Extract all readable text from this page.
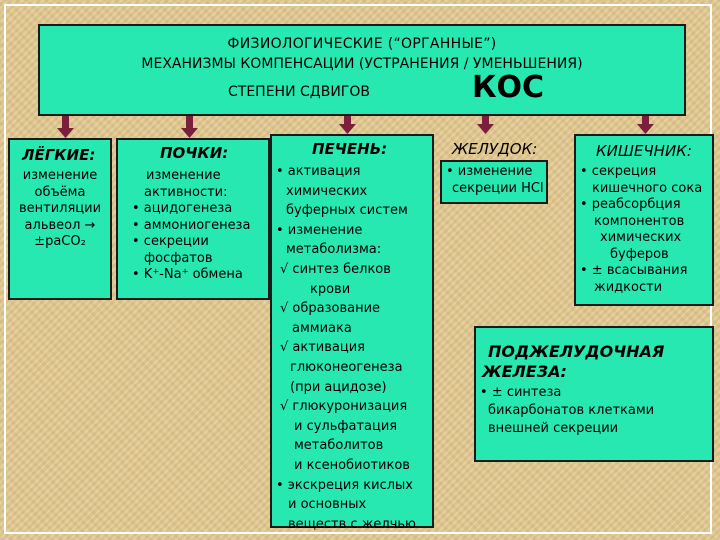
ФИЗИОЛОГИЧЕСКИЕ (“ОРГАННЫЕ”)
МЕХАНИЗМЫ КОМПЕНСАЦИИ (УСТРАНЕНИЯ / УМЕНЬШЕНИЯ)
СТЕПЕНИ СДВИГОВ	КОС
ЛЁГКИЕ:
изменение
объёма
вентиляции
альвеол →
±pаCO₂
ПОЧКИ:
изменение
активности:
• ацидогенеза
• аммониогенеза
• секреции
фосфатов
• K⁺-Na⁺ обмена
ПЕЧЕНЬ:
• активация
химических
буферных систем
• изменение
метаболизма:
√ синтез белков
крови
√ образование
аммиака
√ активация
глюконеогенеза
(при ацидозе)
√ глюкуронизация
и сульфатация
метаболитов
и ксенобиотиков
• экскреция кислых
и основных
веществ с желчью
ЖЕЛУДОК:
• изменение
секреции HCl
КИШЕЧНИК:
• секреция
кишечного сока
• реабсорбция
компонентов
химических
буферов
• ± всасывания
жидкости
ПОДЖЕЛУДОЧНАЯ
ЖЕЛЕЗА:
• ± синтеза
бикарбонатов клетками
внешней секреции
